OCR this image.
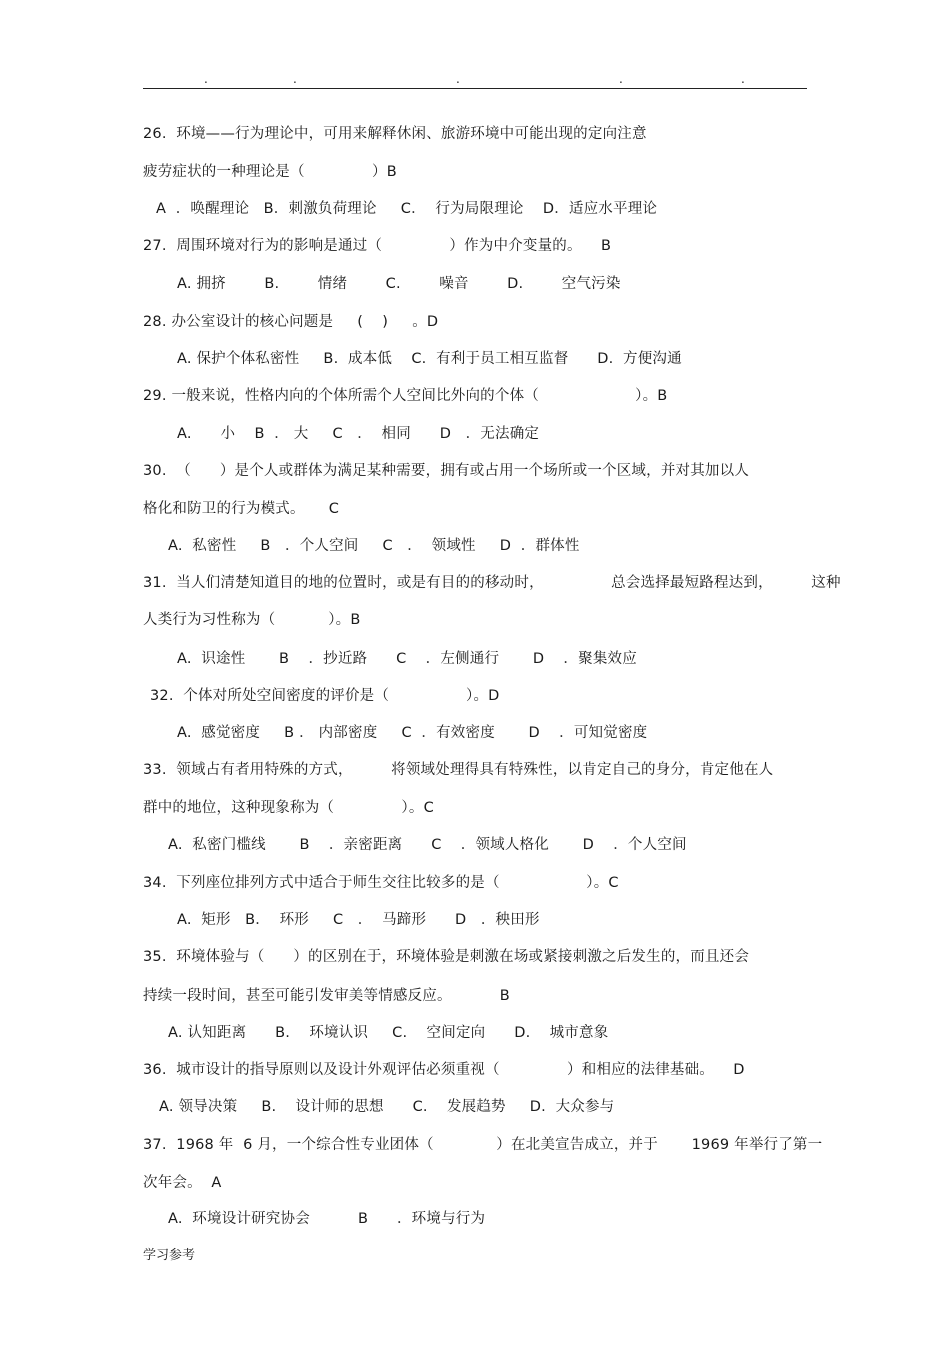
.	.	.	.	.
26.  环境——行为理论中，可用来解释休闲、旅游环境中可能出现的定向注意
疲劳症状的一种理论是（              ）B
A  ．唤醒理论   B．刺激负荷理论     C．  行为局限理论    D．适应水平理论
27.  周围环境对行为的影响是通过（              ）作为中介变量的。    B
A. 拥挤        B.        情绪        C.        噪音        D.        空气污染
28. 办公室设计的核心问题是     (    )     。D
A. 保护个体私密性     B.  成本低    C.  有利于员工相互监督      D.  方便沟通
29. 一般来说，性格内向的个体所需个人空间比外向的个体（                    ）。B
A.      小    B  ． 大     C   ．  相同      D   ．无法确定
30.  （      ）是个人或群体为满足某种需要，拥有或占用一个场所或一个区域，并对其加以人
格化和防卫的行为模式。     C
A.  私密性     B   ．个人空间     C   ．  领域性     D  ．群体性
31.  当人们清楚知道目的地的位置时，或是有目的的移动时，              总会选择最短路程达到，        这种
人类行为习性称为（           ）。B
A.  识途性       B    ．抄近路      C    ．左侧通行       D    ．聚集效应
32.  个体对所处空间密度的评价是（                ）。D
A.  感觉密度     B ． 内部密度     C  ．有效密度       D    ．可知觉密度
33.  领域占有者用特殊的方式，        将领域处理得具有特殊性，以肯定自己的身分，肯定他在人
群中的地位，这种现象称为（              ）。C
A.  私密门槛线       B    ．亲密距离      C    ．领域人格化       D    ．个人空间
34.  下列座位排列方式中适合于师生交往比较多的是（                  ）。C
A.  矩形   B．  环形     C   ．  马蹄形      D   ．秧田形
35.  环境体验与（      ）的区别在于，环境体验是刺激在场或紧接刺激之后发生的，而且还会
持续一段时间，甚至可能引发审美等情感反应。          B
A. 认知距离      B.    环境认识     C.    空间定向      D.    城市意象
36.  城市设计的指导原则以及设计外观评估必须重视（              ）和相应的法律基础。    D
A. 领导决策     B.    设计师的思想      C.    发展趋势     D.  大众参与
37.  1968 年  6 月，一个综合性专业团体（             ）在北美宣告成立，并于       1969 年举行了第一
次年会。  A
A.  环境设计研究协会          B      ．环境与行为
学习参考
